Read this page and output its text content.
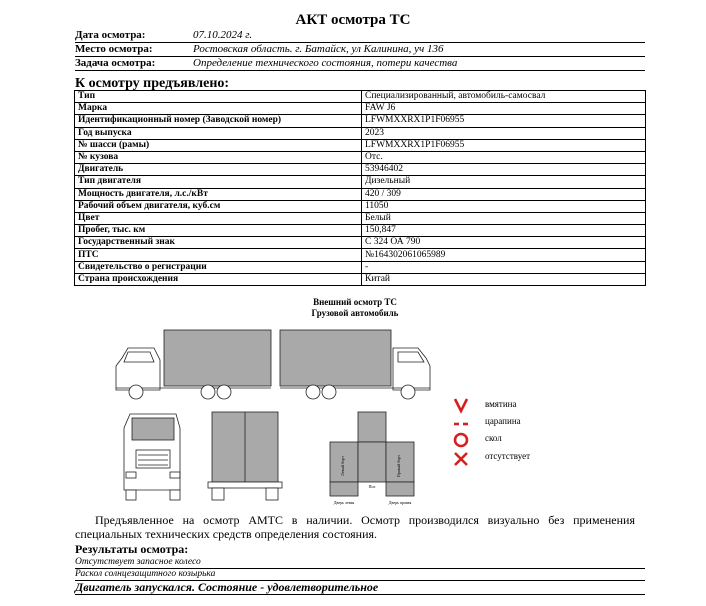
АКТ осмотра ТС
Дата осмотра:	07.10.2024 г.
Место осмотра:	Ростовская область. г. Батайск, ул Калинина, уч 136
Задача осмотра:	Определение технического состояния, потери качества
К осмотру предъявлено:
Тип	Специализированный, автомобиль-самосвал
Марка	FAW J6
Идентификационный номер (Заводской номер)	LFWMXXRX1P1F06955
Год выпуска	2023
№ шасси (рамы)	LFWMXXRX1P1F06955
№ кузова	Отс.
Двигатель	53946402
Тип двигателя	Дизельный
Мощность двигателя, л.с./кВт	420 / 309
Рабочий объем двигателя, куб.см	11050
Цвет	Белый
Пробег, тыс. км	150,847
Государственный знак	С 324 ОА 790
ПТС	№164302061065989
Свидетельство о регистрации	-
Страна происхождения	Китай
Внешний осмотр ТС
Грузовой автомобиль
Левый борт	Правый борт
Пол
Дверь левая	Дверь правая
вмятина
царапина
скол
отсутствует
Предъявленное на осмотр АМТС в наличии. Осмотр производился визуально без применения специальных технических средств определения состояния.
Результаты осмотра:
Отсутствует запасное колесо
Раскол солнцезащитного козырька
Двигатель запускался. Состояние - удовлетворительное
